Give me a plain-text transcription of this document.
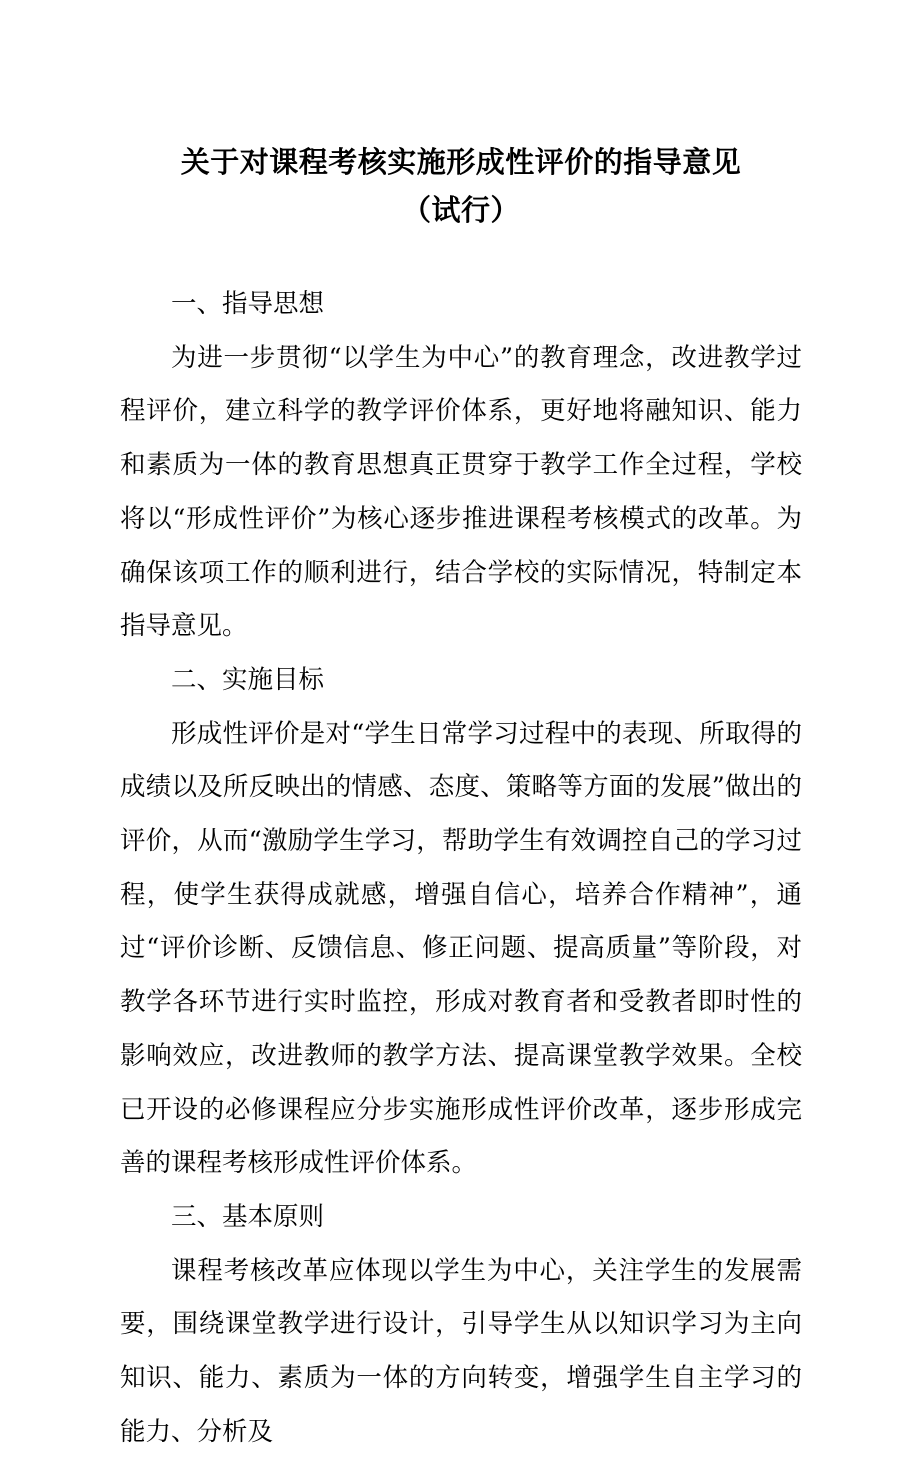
关于对课程考核实施形成性评价的指导意见
（试行）

一、指导思想

为进一步贯彻“以学生为中心”的教育理念，改进教学过程评价，建立科学的教学评价体系，更好地将融知识、能力和素质为一体的教育思想真正贯穿于教学工作全过程，学校将以“形成性评价”为核心逐步推进课程考核模式的改革。为确保该项工作的顺利进行，结合学校的实际情况，特制定本指导意见。

二、实施目标

形成性评价是对“学生日常学习过程中的表现、所取得的成绩以及所反映出的情感、态度、策略等方面的发展”做出的评价，从而“激励学生学习，帮助学生有效调控自己的学习过程，使学生获得成就感，增强自信心，培养合作精神”，通过“评价诊断、反馈信息、修正问题、提高质量”等阶段，对教学各环节进行实时监控，形成对教育者和受教者即时性的影响效应，改进教师的教学方法、提高课堂教学效果。全校已开设的必修课程应分步实施形成性评价改革，逐步形成完善的课程考核形成性评价体系。

三、基本原则

课程考核改革应体现以学生为中心，关注学生的发展需要，围绕课堂教学进行设计，引导学生从以知识学习为主向知识、能力、素质为一体的方向转变，增强学生自主学习的能力、分析及
